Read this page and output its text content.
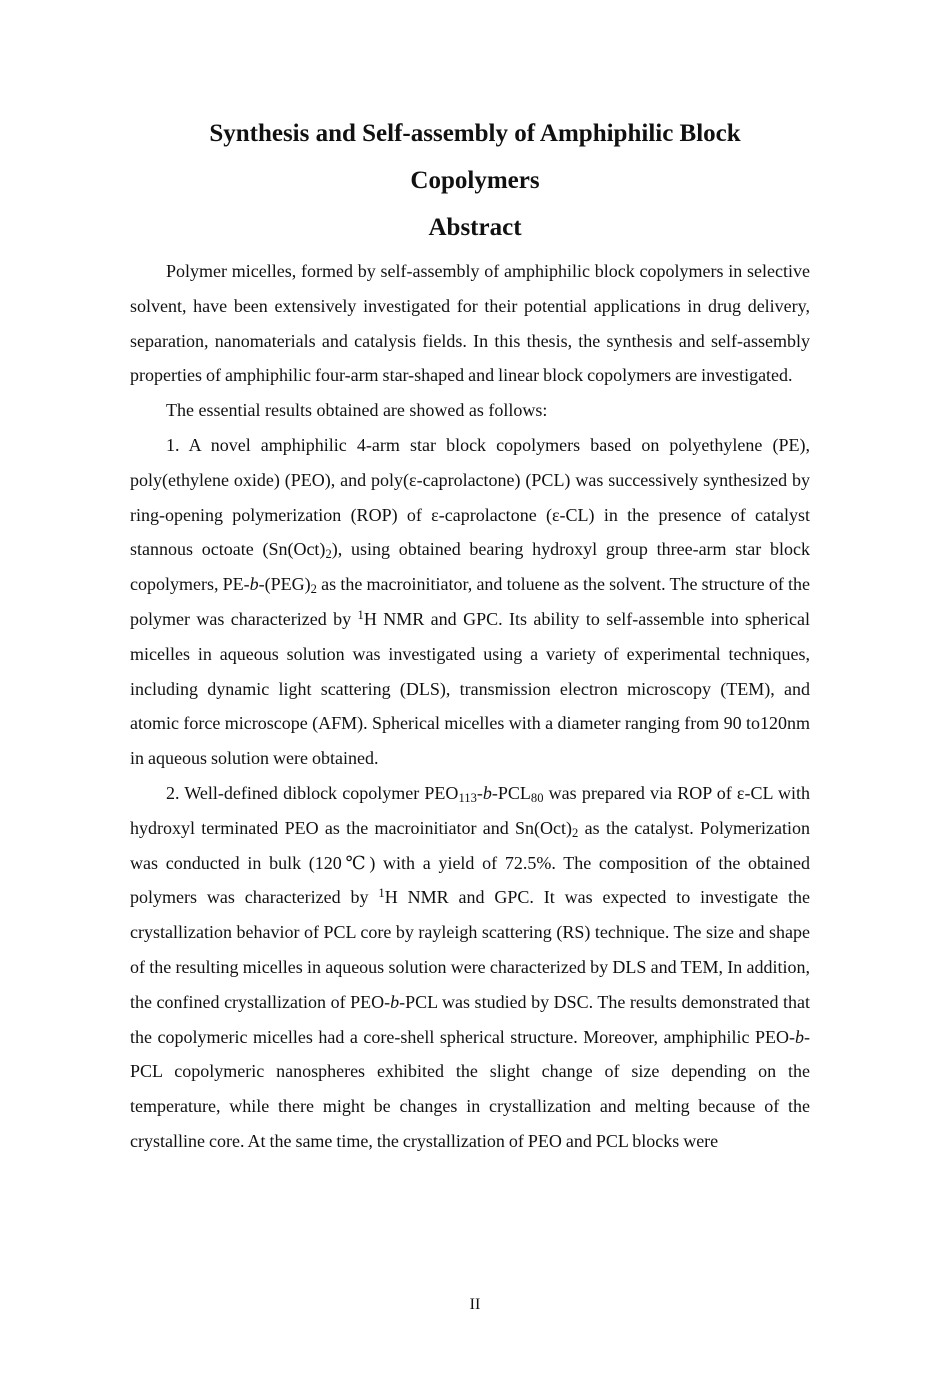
Synthesis and Self-assembly of Amphiphilic Block
Copolymers
Abstract

Polymer micelles, formed by self-assembly of amphiphilic block copolymers in selective solvent, have been extensively investigated for their potential applications in drug delivery, separation, nanomaterials and catalysis fields. In this thesis, the synthesis and self-assembly properties of amphiphilic four-arm star-shaped and linear block copolymers are investigated.

The essential results obtained are showed as follows:

1. A novel amphiphilic 4-arm star block copolymers based on polyethylene (PE), poly(ethylene oxide) (PEO), and poly(ε-caprolactone) (PCL) was successively synthesized by ring-opening polymerization (ROP) of ε-caprolactone (ε-CL) in the presence of catalyst stannous octoate $(Sn(Oct)_2)$, using obtained bearing hydroxyl group three-arm star block copolymers, $PE-b-(PEG)_2$ as the macroinitiator, and toluene as the solvent. The structure of the polymer was characterized by $^1$H NMR and GPC. Its ability to self-assemble into spherical micelles in aqueous solution was investigated using a variety of experimental techniques, including dynamic light scattering (DLS), transmission electron microscopy (TEM), and atomic force microscope (AFM). Spherical micelles with a diameter ranging from 90 to120nm in aqueous solution were obtained.

2. Well-defined diblock copolymer $PEO_{113}-b-PCL_{80}$ was prepared via ROP of ε-CL with hydroxyl terminated PEO as the macroinitiator and $Sn(Oct)_2$ as the catalyst. Polymerization was conducted in bulk (120℃) with a yield of 72.5%. The composition of the obtained polymers was characterized by $^1$H NMR and GPC. It was expected to investigate the crystallization behavior of PCL core by rayleigh scattering (RS) technique. The size and shape of the resulting micelles in aqueous solution were characterized by DLS and TEM, In addition, the confined crystallization of PEO-b-PCL was studied by DSC. The results demonstrated that the copolymeric micelles had a core-shell spherical structure. Moreover, amphiphilic PEO-b-PCL copolymeric nanospheres exhibited the slight change of size depending on the temperature, while there might be changes in crystallization and melting because of the crystalline core. At the same time, the crystallization of PEO and PCL blocks were

II
